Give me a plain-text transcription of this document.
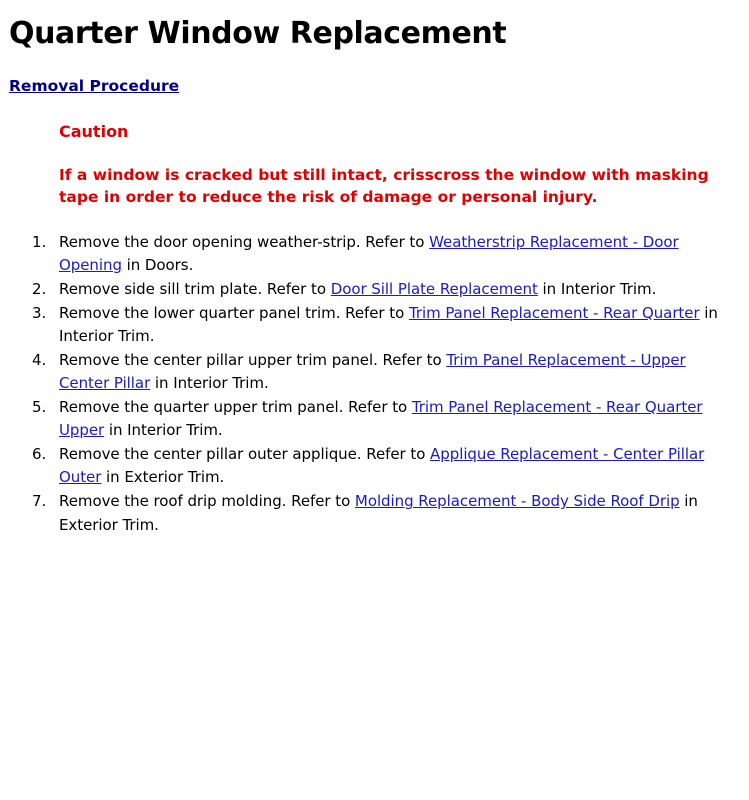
Quarter Window Replacement
Removal Procedure
Caution
If a window is cracked but still intact, crisscross the window with masking tape in order to reduce the risk of damage or personal injury.
1. Remove the door opening weather-strip. Refer to Weatherstrip Replacement - Door Opening in Doors.
2. Remove side sill trim plate. Refer to Door Sill Plate Replacement in Interior Trim.
3. Remove the lower quarter panel trim. Refer to Trim Panel Replacement - Rear Quarter in Interior Trim.
4. Remove the center pillar upper trim panel. Refer to Trim Panel Replacement - Upper Center Pillar in Interior Trim.
5. Remove the quarter upper trim panel. Refer to Trim Panel Replacement - Rear Quarter Upper in Interior Trim.
6. Remove the center pillar outer applique. Refer to Applique Replacement - Center Pillar Outer in Exterior Trim.
7. Remove the roof drip molding. Refer to Molding Replacement - Body Side Roof Drip in Exterior Trim.
